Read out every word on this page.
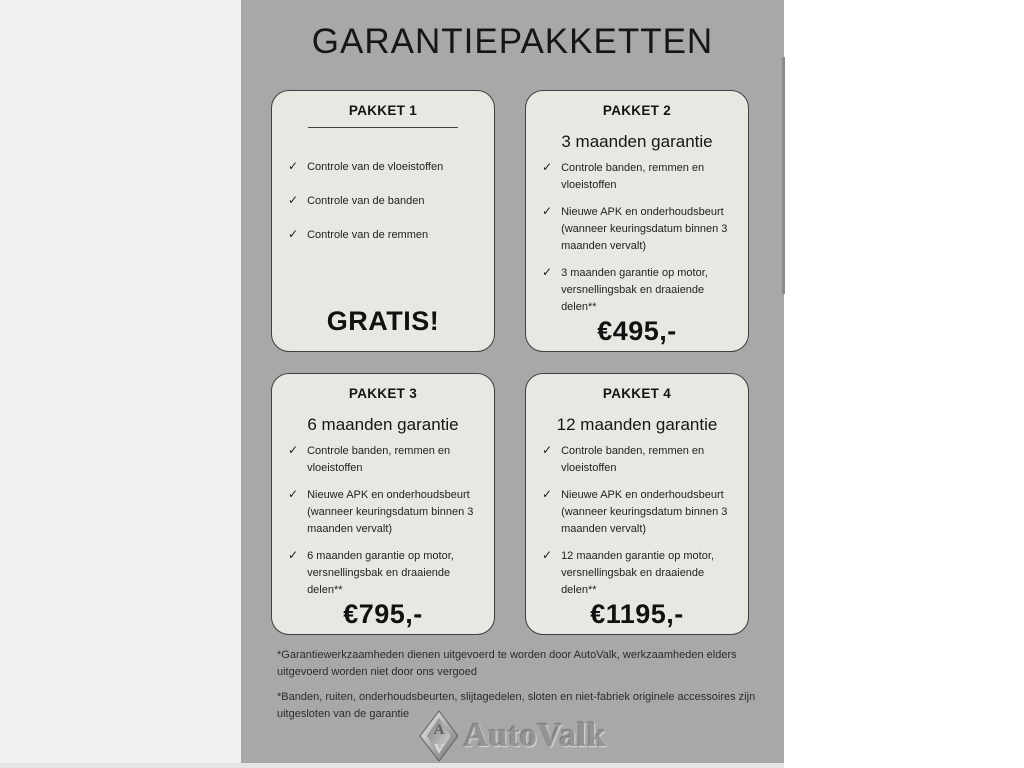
GARANTIEPAKKETTEN
PAKKET 1
✓ Controle van de vloeistoffen
✓ Controle van de banden
✓ Controle van de remmen
GRATIS!
PAKKET 2
3 maanden garantie
✓ Controle banden, remmen en vloeistoffen
✓ Nieuwe APK en onderhoudsbeurt (wanneer keuringsdatum binnen 3 maanden vervalt)
✓ 3 maanden garantie op motor, versnellingsbak en draaiende delen**
€495,-
PAKKET 3
6 maanden garantie
✓ Controle banden, remmen en vloeistoffen
✓ Nieuwe APK en onderhoudsbeurt (wanneer keuringsdatum binnen 3 maanden vervalt)
✓ 6 maanden garantie op motor, versnellingsbak en draaiende delen**
€795,-
PAKKET 4
12 maanden garantie
✓ Controle banden, remmen en vloeistoffen
✓ Nieuwe APK en onderhoudsbeurt (wanneer keuringsdatum binnen 3 maanden vervalt)
✓ 12 maanden garantie op motor, versnellingsbak en draaiende delen**
€1195,-

*Garantiewerkzaamheden dienen uitgevoerd te worden door AutoValk, werkzaamheden elders uitgevoerd worden niet door ons vergoed

*Banden, ruiten, onderhoudsbeurten, slijtagedelen, sloten en niet-fabriek originele accessoires zijn uitgesloten van de garantie

A
V AutoValk
